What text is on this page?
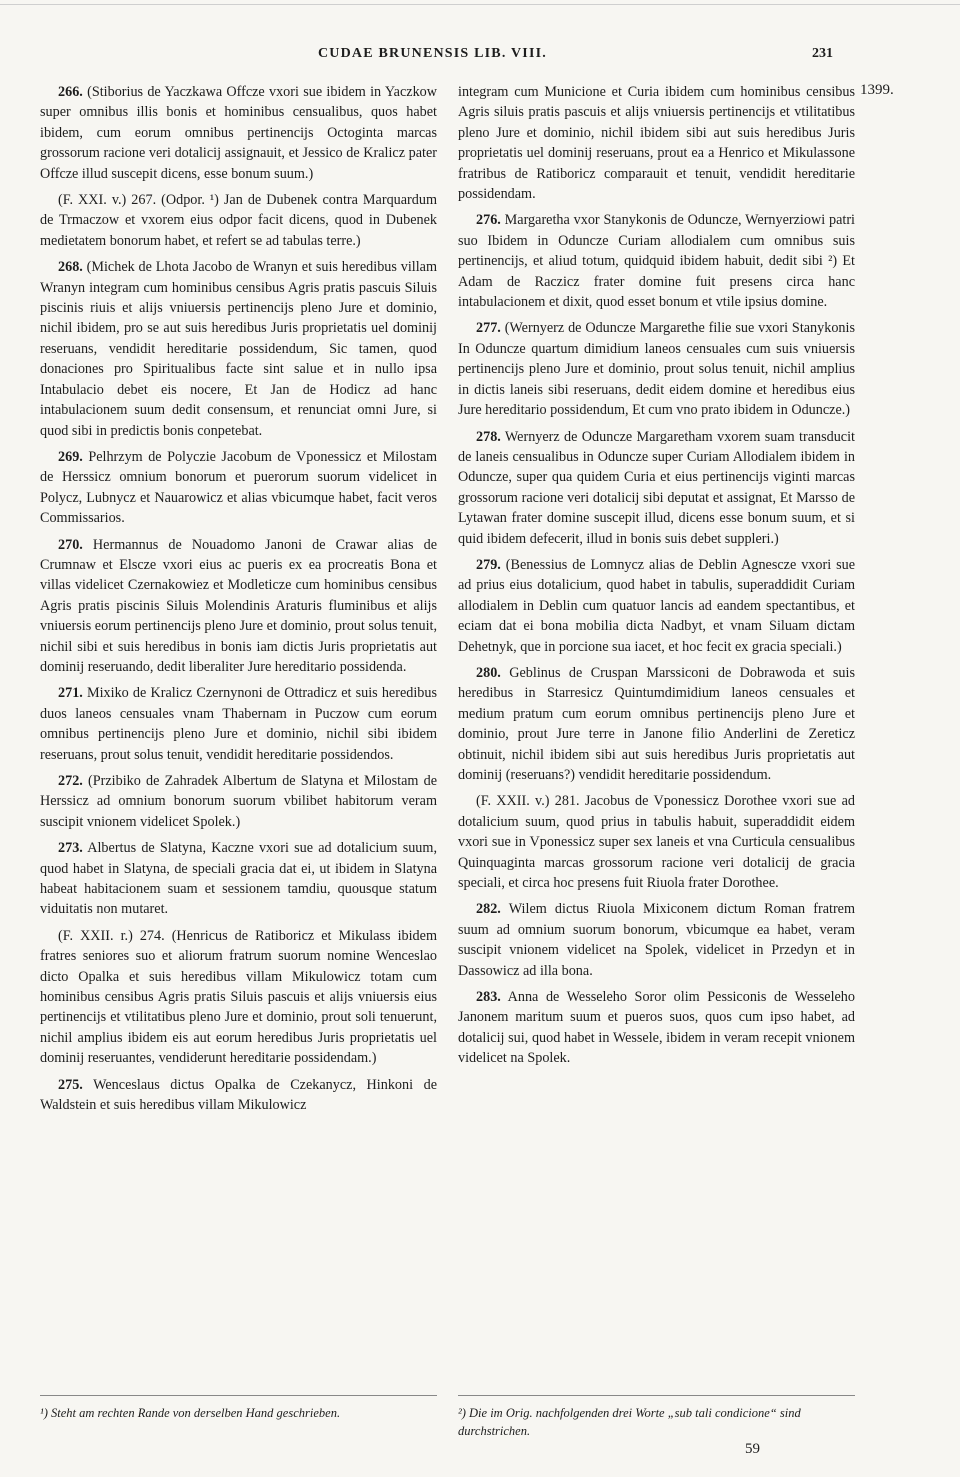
CUDAE BRUNENSIS LIB. VIII.	231
1399.

266. (Stiborius de Yaczkawa Offcze vxori sue ibidem in Yaczkow super omnibus illis bonis et hominibus censualibus, quos habet ibidem, cum eorum omnibus pertinencijs Octoginta marcas grossorum racione veri dotalicij assignauit, et Jessico de Kralicz pater Offcze illud suscepit dicens, esse bonum suum.)

(F. XXI. v.) 267. (Odpor. ¹) Jan de Dubenek contra Marquardum de Trmaczow et vxorem eius odpor facit dicens, quod in Dubenek medietatem bonorum habet, et refert se ad tabulas terre.)

268. (Michek de Lhota Jacobo de Wranyn et suis heredibus villam Wranyn integram cum hominibus censibus Agris pratis pascuis Siluis piscinis riuis et alijs vniuersis pertinencijs pleno Jure et dominio, nichil ibidem, pro se aut suis heredibus Juris proprietatis uel dominij reseruans, vendidit hereditarie possidendum, Sic tamen, quod donaciones pro Spiritualibus facte sint salue et in nullo ipsa Intabulacio debet eis nocere, Et Jan de Hodicz ad hanc intabulacionem suum dedit consensum, et renunciat omni Jure, si quod sibi in predictis bonis conpetebat.

269. Pelhrzym de Polyczie Jacobum de Vponessicz et Milostam de Herssicz omnium bonorum et puerorum suorum videlicet in Polycz, Lubnycz et Nauarowicz et alias vbicumque habet, facit veros Commissarios.

270. Hermannus de Nouadomo Janoni de Crawar alias de Crumnaw et Elscze vxori eius ac pueris ex ea procreatis Bona et villas videlicet Czernakowiez et Modleticze cum hominibus censibus Agris pratis piscinis Siluis Molendinis Araturis fluminibus et alijs vniuersis eorum pertinencijs pleno Jure et dominio, prout solus tenuit, nichil sibi et suis heredibus in bonis iam dictis Juris proprietatis aut dominij reseruando, dedit liberaliter Jure hereditario possidenda.

271. Mixiko de Kralicz Czernynoni de Ottradicz et suis heredibus duos laneos censuales vnam Thabernam in Puczow cum eorum omnibus pertinencijs pleno Jure et dominio, nichil sibi ibidem reseruans, prout solus tenuit, vendidit hereditarie possidendos.

272. (Przibiko de Zahradek Albertum de Slatyna et Milostam de Herssicz ad omnium bonorum suorum vbilibet habitorum veram suscipit vnionem videlicet Spolek.)

273. Albertus de Slatyna, Kaczne vxori sue ad dotalicium suum, quod habet in Slatyna, de speciali gracia dat ei, ut ibidem in Slatyna habeat habitacionem suam et sessionem tamdiu, quousque statum viduitatis non mutaret.

(F. XXII. r.) 274. (Henricus de Ratiboricz et Mikulass ibidem fratres seniores suo et aliorum fratrum suorum nomine Wenceslao dicto Opalka et suis heredibus villam Mikulowicz totam cum hominibus censibus Agris pratis Siluis pascuis et alijs vniuersis eius pertinencijs et vtilitatibus pleno Jure et dominio, prout soli tenuerunt, nichil amplius ibidem eis aut eorum heredibus Juris proprietatis uel dominij reseruantes, vendiderunt hereditarie possidendam.)

275. Wenceslaus dictus Opalka de Czekanycz, Hinkoni de Waldstein et suis heredibus villam Mikulowicz

integram cum Municione et Curia ibidem cum hominibus censibus Agris siluis pratis pascuis et alijs vniuersis pertinencijs et vtilitatibus pleno Jure et dominio, nichil ibidem sibi aut suis heredibus Juris proprietatis uel dominij reseruans, prout ea a Henrico et Mikulassone fratribus de Ratiboricz comparauit et tenuit, vendidit hereditarie possidendam.

276. Margaretha vxor Stanykonis de Oduncze, Wernyerziowi patri suo Ibidem in Oduncze Curiam allodialem cum omnibus suis pertinencijs, et aliud totum, quidquid ibidem habuit, dedit sibi ²) Et Adam de Raczicz frater domine fuit presens circa hanc intabulacionem et dixit, quod esset bonum et vtile ipsius domine.

277. (Wernyerz de Oduncze Margarethe filie sue vxori Stanykonis In Oduncze quartum dimidium laneos censuales cum suis vniuersis pertinencijs pleno Jure et dominio, prout solus tenuit, nichil amplius in dictis laneis sibi reseruans, dedit eidem domine et heredibus eius Jure hereditario possidendum, Et cum vno prato ibidem in Oduncze.)

278. Wernyerz de Oduncze Margaretham vxorem suam transducit de laneis censualibus in Oduncze super Curiam Allodialem ibidem in Oduncze, super qua quidem Curia et eius pertinencijs viginti marcas grossorum racione veri dotalicij sibi deputat et assignat, Et Marsso de Lytawan frater domine suscepit illud, dicens esse bonum suum, et si quid ibidem defecerit, illud in bonis suis debet suppleri.)

279. (Benessius de Lomnycz alias de Deblin Agnescze vxori sue ad prius eius dotalicium, quod habet in tabulis, superaddidit Curiam allodialem in Deblin cum quatuor lancis ad eandem spectantibus, et eciam dat ei bona mobilia dicta Nadbyt, et vnam Siluam dictam Dehetnyk, que in porcione sua iacet, et hoc fecit ex gracia speciali.)

280. Geblinus de Cruspan Marssiconi de Dobrawoda et suis heredibus in Starresicz Quintumdimidium laneos censuales et medium pratum cum eorum omnibus pertinencijs pleno Jure et dominio, prout Jure terre in Janone filio Anderlini de Zereticz obtinuit, nichil ibidem sibi aut suis heredibus Juris proprietatis aut dominij (reseruans?) vendidit hereditarie possidendum.

(F. XXII. v.) 281. Jacobus de Vponessicz Dorothee vxori sue ad dotalicium suum, quod prius in tabulis habuit, superaddidit eidem vxori sue in Vponessicz super sex laneis et vna Curticula censualibus Quinquaginta marcas grossorum racione veri dotalicij de gracia speciali, et circa hoc presens fuit Riuola frater Dorothee.

282. Wilem dictus Riuola Mixiconem dictum Roman fratrem suum ad omnium suorum bonorum, vbicumque ea habet, veram suscipit vnionem videlicet na Spolek, videlicet in Przedyn et in Dassowicz ad illa bona.

283. Anna de Wesseleho Soror olim Pessiconis de Wesseleho Janonem maritum suum et pueros suos, quos cum ipso habet, ad dotalicij sui, quod habet in Wessele, ibidem in veram recepit vnionem videlicet na Spolek.

¹) Steht am rechten Rande von derselben Hand geschrieben.	²) Die im Orig. nachfolgenden drei Worte „sub tali condicione“ sind durchstrichen.
59
